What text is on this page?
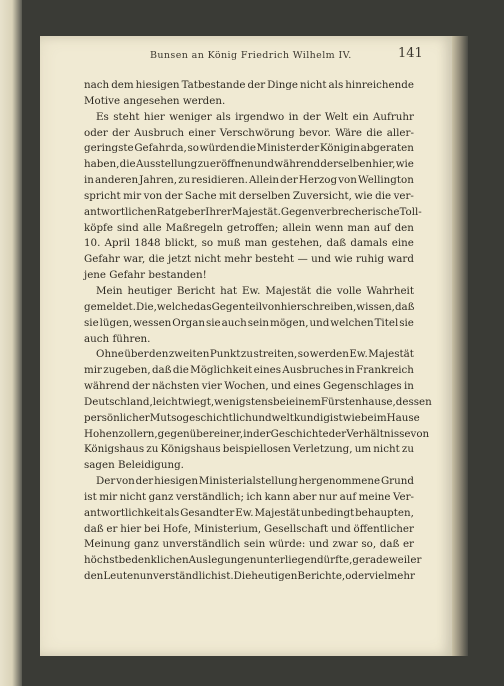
Bunsen an König Friedrich Wilhelm IV.	141
nach dem hiesigen Tatbestande der Dinge nicht als hinreichende
Motive angesehen werden.
Es steht hier weniger als irgendwo in der Welt ein Aufruhr
oder der Ausbruch einer Verschwörung bevor. Wäre die aller-
geringste Gefahr da, so würden die Minister der Königin abgeraten
haben, die Ausstellung zu eröffnen und während derselben hier, wie
in anderen Jahren, zu residieren. Allein der Herzog von Wellington
spricht mir von der Sache mit derselben Zuversicht, wie die ver-
antwortlichen Ratgeber Ihrer Majestät. Gegen verbrecherische Toll-
köpfe sind alle Maßregeln getroffen; allein wenn man auf den
10. April 1848 blickt, so muß man gestehen, daß damals eine
Gefahr war, die jetzt nicht mehr besteht — und wie ruhig ward
jene Gefahr bestanden!
Mein heutiger Bericht hat Ew. Majestät die volle Wahrheit
gemeldet. Die, welche das Gegenteil von hier schreiben, wissen, daß
sie lügen, wessen Organ sie auch sein mögen, und welchen Titel sie
auch führen.
Ohne über den zweiten Punkt zu streiten, so werden Ew. Majestät
mir zugeben, daß die Möglichkeit eines Ausbruches in Frankreich
während der nächsten vier Wochen, und eines Gegenschlages in
Deutschland, leicht wiegt, wenigstens bei einem Fürstenhause, dessen
persönlicher Mut so geschichtlich und weltkundig ist wie beim Hause
Hohenzollern, gegenüber einer, in der Geschichte der Verhältnisse von
Königshaus zu Königshaus beispiellosen Verletzung, um nicht zu
sagen Beleidigung.
Der von der hiesigen Ministerialstellung hergenommene Grund
ist mir nicht ganz verständlich; ich kann aber nur auf meine Ver-
antwortlichkeit als Gesandter Ew. Majestät unbedingt behaupten,
daß er hier bei Hofe, Ministerium, Gesellschaft und öffentlicher
Meinung ganz unverständlich sein würde: und zwar so, daß er
höchst bedenklichen Auslegungen unterliegen dürfte, gerade weil er
den Leuten unverständlich ist. Die heutigen Berichte, oder vielmehr
